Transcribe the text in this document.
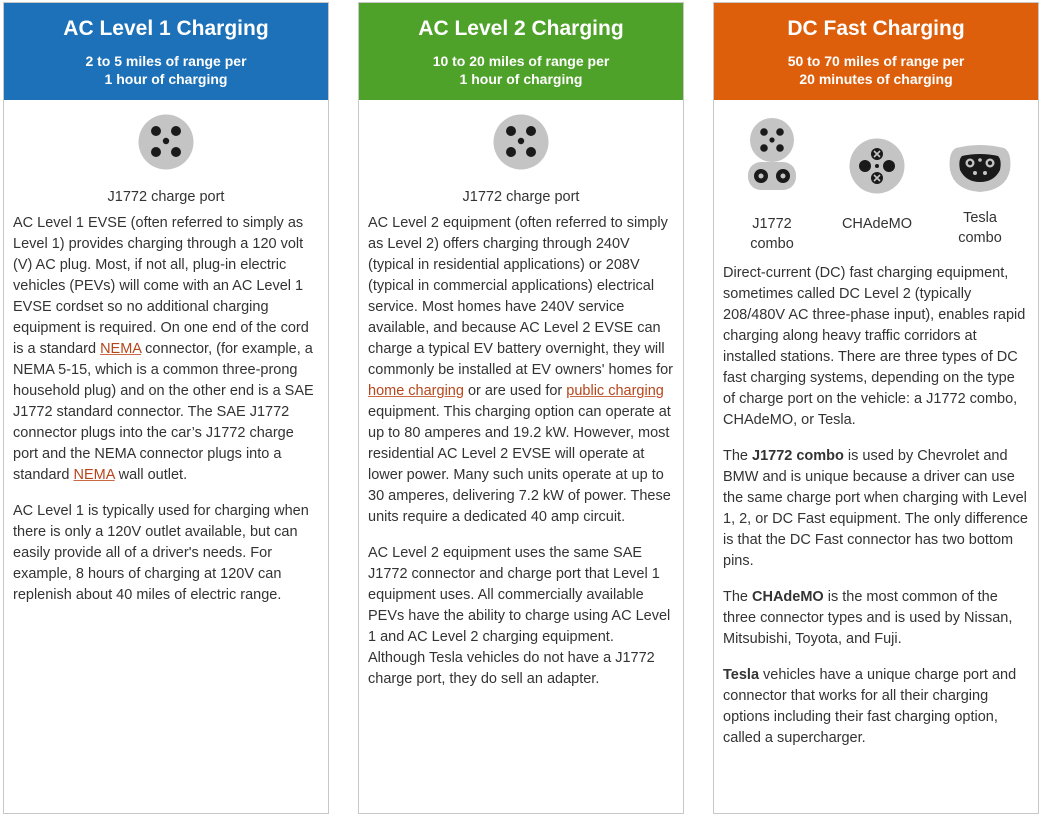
AC Level 1 Charging
2 to 5 miles of range per
1 hour of charging
J1772 charge port

AC Level 1 EVSE (often referred to simply as Level 1) provides charging through a 120 volt (V) AC plug. Most, if not all, plug-in electric vehicles (PEVs) will come with an AC Level 1 EVSE cordset so no additional charging equipment is required. On one end of the cord is a standard NEMA connector, (for example, a NEMA 5-15, which is a common three-prong household plug) and on the other end is a SAE J1772 standard connector. The SAE J1772 connector plugs into the car’s J1772 charge port and the NEMA connector plugs into a standard NEMA wall outlet.

AC Level 1 is typically used for charging when there is only a 120V outlet available, but can easily provide all of a driver's needs. For example, 8 hours of charging at 120V can replenish about 40 miles of electric range.

AC Level 2 Charging
10 to 20 miles of range per
1 hour of charging
J1772 charge port

AC Level 2 equipment (often referred to simply as Level 2) offers charging through 240V (typical in residential applications) or 208V (typical in commercial applications) electrical service. Most homes have 240V service available, and because AC Level 2 EVSE can charge a typical EV battery overnight, they will commonly be installed at EV owners' homes for home charging or are used for public charging equipment. This charging option can operate at up to 80 amperes and 19.2 kW. However, most residential AC Level 2 EVSE will operate at lower power. Many such units operate at up to 30 amperes, delivering 7.2 kW of power. These units require a dedicated 40 amp circuit.

AC Level 2 equipment uses the same SAE J1772 connector and charge port that Level 1 equipment uses. All commercially available PEVs have the ability to charge using AC Level 1 and AC Level 2 charging equipment. Although Tesla vehicles do not have a J1772 charge port, they do sell an adapter.

DC Fast Charging
50 to 70 miles of range per
20 minutes of charging
J1772
combo
CHAdeMO	Tesla
combo

Direct-current (DC) fast charging equipment, sometimes called DC Level 2 (typically 208/480V AC three-phase input), enables rapid charging along heavy traffic corridors at installed stations. There are three types of DC fast charging systems, depending on the type of charge port on the vehicle: a J1772 combo, CHAdeMO, or Tesla.

The J1772 combo is used by Chevrolet and BMW and is unique because a driver can use the same charge port when charging with Level 1, 2, or DC Fast equipment. The only difference is that the DC Fast connector has two bottom pins.

The CHAdeMO is the most common of the three connector types and is used by Nissan, Mitsubishi, Toyota, and Fuji.

Tesla vehicles have a unique charge port and connector that works for all their charging options including their fast charging option, called a supercharger.
